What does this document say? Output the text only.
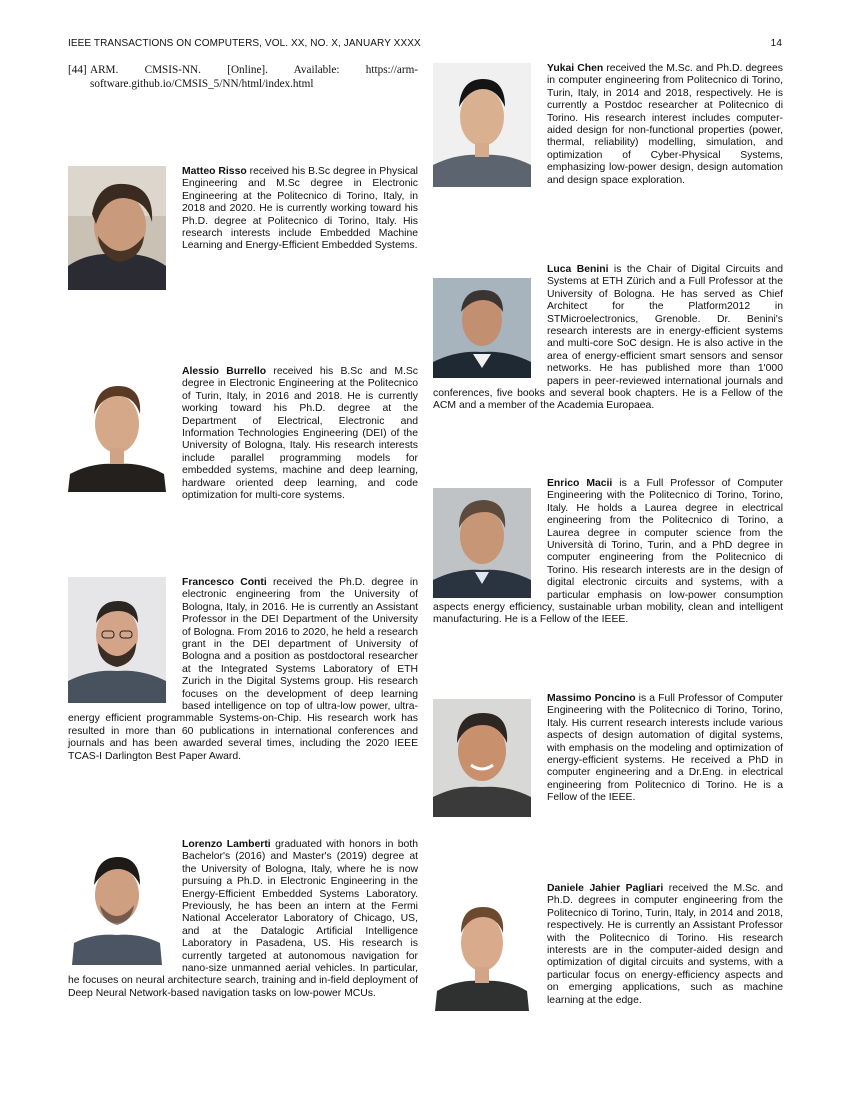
IEEE TRANSACTIONS ON COMPUTERS, VOL. XX, NO. X, JANUARY XXXX	14
[44] ARM. CMSIS-NN. [Online]. Available: https://arm-software.github.io/CMSIS_5/NN/html/index.html
Matteo Risso received his B.Sc degree in Physical Engineering and M.Sc degree in Electronic Engineering at the Politecnico di Torino, Italy, in 2018 and 2020. He is currently working toward his Ph.D. degree at Politecnico di Torino, Italy. His research interests include Embedded Machine Learning and Energy-Efficient Embedded Systems.
Alessio Burrello received his B.Sc and M.Sc degree in Electronic Engineering at the Politecnico of Turin, Italy, in 2016 and 2018. He is currently working toward his Ph.D. degree at the Department of Electrical, Electronic and Information Technologies Engineering (DEI) of the University of Bologna, Italy. His research interests include parallel programming models for embedded systems, machine and deep learning, hardware oriented deep learning, and code optimization for multi-core systems.
Francesco Conti received the Ph.D. degree in electronic engineering from the University of Bologna, Italy, in 2016. He is currently an Assistant Professor in the DEI Department of the University of Bologna. From 2016 to 2020, he held a research grant in the DEI department of University of Bologna and a position as postdoctoral researcher at the Integrated Systems Laboratory of ETH Zurich in the Digital Systems group. His research focuses on the development of deep learning based intelligence on top of ultra-low power, ultra-energy efficient programmable Systems-on-Chip. His research work has resulted in more than 60 publications in international conferences and journals and has been awarded several times, including the 2020 IEEE TCAS-I Darlington Best Paper Award.
Lorenzo Lamberti graduated with honors in both Bachelor's (2016) and Master's (2019) degree at the University of Bologna, Italy, where he is now pursuing a Ph.D. in Electronic Engineering in the Energy-Efficient Embedded Systems Laboratory. Previously, he has been an intern at the Fermi National Accelerator Laboratory of Chicago, US, and at the Datalogic Artificial Intelligence Laboratory in Pasadena, US. His research is currently targeted at autonomous navigation for nano-size unmanned aerial vehicles. In particular, he focuses on neural architecture search, training and in-field deployment of Deep Neural Network-based navigation tasks on low-power MCUs.
Yukai Chen received the M.Sc. and Ph.D. degrees in computer engineering from Politecnico di Torino, Turin, Italy, in 2014 and 2018, respectively. He is currently a Postdoc researcher at Politecnico di Torino. His research interest includes computer-aided design for non-functional properties (power, thermal, reliability) modelling, simulation, and optimization of Cyber-Physical Systems, emphasizing low-power design, design automation and design space exploration.
Luca Benini is the Chair of Digital Circuits and Systems at ETH Zürich and a Full Professor at the University of Bologna. He has served as Chief Architect for the Platform2012 in STMicroelectronics, Grenoble. Dr. Benini's research interests are in energy-efficient systems and multi-core SoC design. He is also active in the area of energy-efficient smart sensors and sensor networks. He has published more than 1'000 papers in peer-reviewed international journals and conferences, five books and several book chapters. He is a Fellow of the ACM and a member of the Academia Europaea.
Enrico Macii is a Full Professor of Computer Engineering with the Politecnico di Torino, Torino, Italy. He holds a Laurea degree in electrical engineering from the Politecnico di Torino, a Laurea degree in computer science from the Università di Torino, Turin, and a PhD degree in computer engineering from the Politecnico di Torino. His research interests are in the design of digital electronic circuits and systems, with a particular emphasis on low-power consumption aspects energy efficiency, sustainable urban mobility, clean and intelligent manufacturing. He is a Fellow of the IEEE.
Massimo Poncino is a Full Professor of Computer Engineering with the Politecnico di Torino, Torino, Italy. His current research interests include various aspects of design automation of digital systems, with emphasis on the modeling and optimization of energy-efficient systems. He received a PhD in computer engineering and a Dr.Eng. in electrical engineering from Politecnico di Torino. He is a Fellow of the IEEE.
Daniele Jahier Pagliari received the M.Sc. and Ph.D. degrees in computer engineering from the Politecnico di Torino, Turin, Italy, in 2014 and 2018, respectively. He is currently an Assistant Professor with the Politecnico di Torino. His research interests are in the computer-aided design and optimization of digital circuits and systems, with a particular focus on energy-efficiency aspects and on emerging applications, such as machine learning at the edge.
